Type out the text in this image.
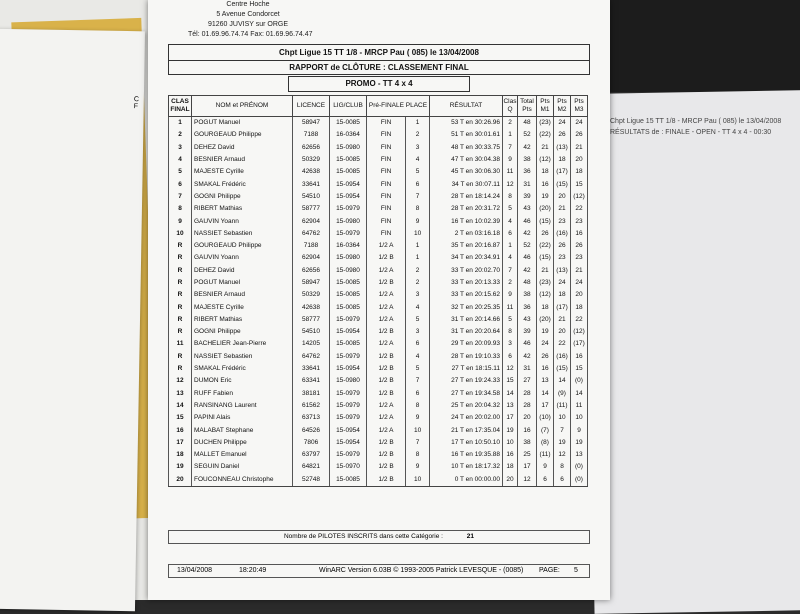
C F
Chpt Ligue 15 TT 1/8 - MRCP Pau ( 085) le 13/04/2008
RÉSULTATS de : FINALE - OPEN - TT 4 x 4 - 00:30
Centre Hoche
5 Avenue Condorcet
91260 JUVISY sur ORGE
Tél: 01.69.96.74.74 Fax: 01.69.96.74.47
Chpt Ligue 15 TT 1/8 - MRCP Pau ( 085) le 13/04/2008
RAPPORT de CLÔTURE : CLASSEMENT FINAL
PROMO - TT 4 x 4
CLAS FINAL	NOM et PRÉNOM	LICENCE	LIG/CLUB	Pré-FINALE PLACE		RÉSULTAT	Clas Q	Total Pts	Pts M1	Pts M2	Pts M3
1	POGUT Manuel	58947	15-0085	FIN	1	53 T en 30:26.96	2	48	(23)	24	24
2	GOURGEAUD Philippe	7188	16-0364	FIN	2	51 T en 30:01.61	1	52	(22)	26	26
3	DEHEZ David	62656	15-0980	FIN	3	48 T en 30:33.75	7	42	21	(13)	21
4	BESNIER Arnaud	50329	15-0085	FIN	4	47 T en 30:04.38	9	38	(12)	18	20
5	MAJESTE Cyrille	42638	15-0085	FIN	5	45 T en 30:06.30	11	36	18	(17)	18
6	SMAKAL Frédéric	33641	15-0954	FIN	6	34 T en 30:07.11	12	31	16	(15)	15
7	GOGNI Philippe	54510	15-0954	FIN	7	28 T en 18:14.24	8	39	19	20	(12)
8	RIBERT Mathias	58777	15-0979	FIN	8	28 T en 20:31.72	5	43	(20)	21	22
9	GAUVIN Yoann	62904	15-0980	FIN	9	16 T en 10:02.39	4	46	(15)	23	23
10	NASSIET Sebastien	64762	15-0979	FIN	10	2 T en 03:16.18	6	42	26	(16)	16
R	GOURGEAUD Philippe	7188	16-0364	1/2 A	1	35 T en 20:16.87	1	52	(22)	26	26
R	GAUVIN Yoann	62904	15-0980	1/2 B	1	34 T en 20:34.91	4	46	(15)	23	23
R	DEHEZ David	62656	15-0980	1/2 A	2	33 T en 20:02.70	7	42	21	(13)	21
R	POGUT Manuel	58947	15-0085	1/2 B	2	33 T en 20:13.33	2	48	(23)	24	24
R	BESNIER Arnaud	50329	15-0085	1/2 A	3	33 T en 20:15.62	9	38	(12)	18	20
R	MAJESTE Cyrille	42638	15-0085	1/2 A	4	32 T en 20:25.35	11	36	18	(17)	18
R	RIBERT Mathias	58777	15-0979	1/2 A	5	31 T en 20:14.66	5	43	(20)	21	22
R	GOGNI Philippe	54510	15-0954	1/2 B	3	31 T en 20:20.64	8	39	19	20	(12)
11	BACHELIER Jean-Pierre	14205	15-0085	1/2 A	6	29 T en 20:09.93	3	46	24	22	(17)
R	NASSIET Sebastien	64762	15-0979	1/2 B	4	28 T en 19:10.33	6	42	26	(16)	16
R	SMAKAL Frédéric	33641	15-0954	1/2 B	5	27 T en 18:15.11	12	31	16	(15)	15
12	DUMON Eric	63341	15-0980	1/2 B	7	27 T en 19:24.33	15	27	13	14	(0)
13	RUFF Fabien	38181	15-0979	1/2 B	6	27 T en 19:34.58	14	28	14	(9)	14
14	RANSINANG Laurent	61562	15-0979	1/2 A	8	25 T en 20:04.32	13	28	17	(11)	11
15	PAPINI Alais	63713	15-0979	1/2 A	9	24 T en 20:02.00	17	20	(10)	10	10
16	MALABAT Stephane	64526	15-0954	1/2 A	10	21 T en 17:35.04	19	16	(7)	7	9
17	DUCHEN Philippe	7806	15-0954	1/2 B	7	17 T en 10:50.10	10	38	(8)	19	19
18	MALLET Emanuel	63797	15-0979	1/2 B	8	16 T en 19:35.88	16	25	(11)	12	13
19	SEGUIN Daniel	64821	15-0970	1/2 B	9	10 T en 18:17.32	18	17	9	8	(0)
20	FOUCONNEAU Christophe	52748	15-0085	1/2 B	10	0 T en 00:00.00	20	12	6	6	(0)
Nombre de PILOTES INSCRITS dans cette Catégorie :	21
13/04/2008	18:20:49	WinARC Version 6.03B © 1993-2005 Patrick LEVESQUE - (0085) PAGE: 5
